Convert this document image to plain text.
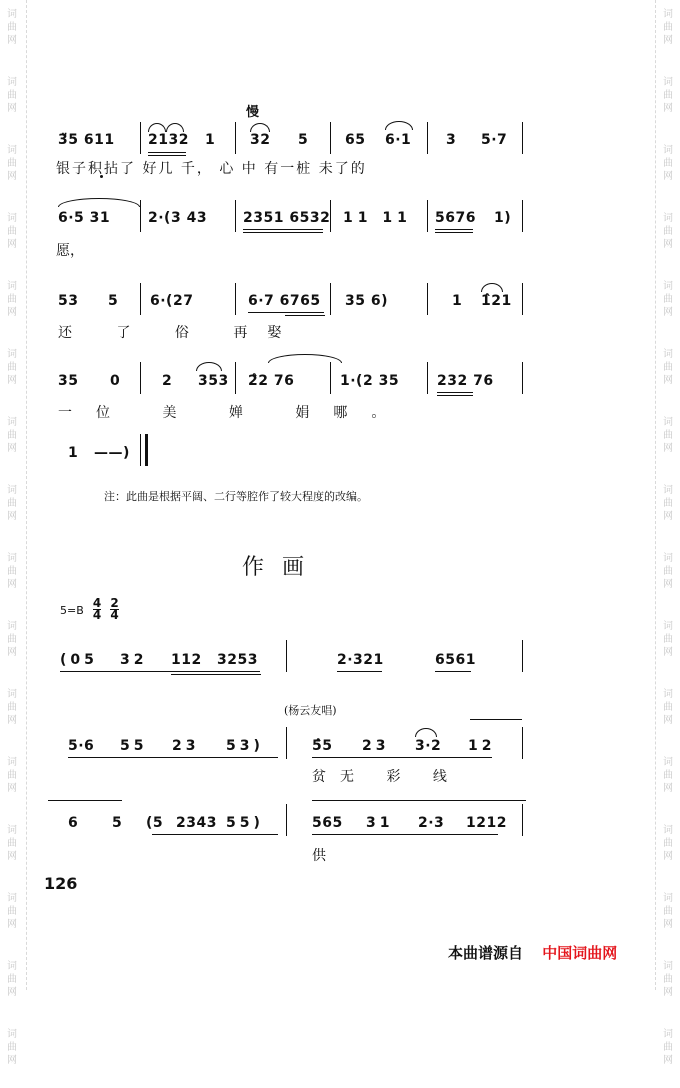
词
曲
网
词
曲
网
词
曲
网
词
曲
网
词
曲
网
词
曲
网
词
曲
网
词
曲
网
词
曲
网
词
曲
网
词
曲
网
词
曲
网
词
曲
网
词
曲
网
词
曲
网
词
曲
网
词
曲
网
词
曲
网
词
曲
网
词
曲
网
词
曲
网
词
曲
网
词
曲
网
词
曲
网
词
曲
网
词
曲
网
词
曲
网
词
曲
网
词
曲
网
词
曲
网
词
曲
网
词
曲
网
慢
3̈5 611 2132 1 32 5	65 6·1 3 5·7
银子积拈了 好几 千， 心 中 有一桩 未了的
6·5 31	2·(3 43	2351 6532 11 11 5676 1)
愿，
53 5 6·(27	6·7 6765 35 6)	1 1̂21
还 了 俗 再娶
35 0	2 353 2̂2 76	1·(2 35	232 76
一位 美 婵 娟哪。
1 ——)
注：此曲是根据平阔、二行等腔作了较大程度的改编。
作画
$5=B \frac{4}{4}$
$\frac{2}{4}$
(05 32 112 3253	2·321	6561
(杨云友唱)
5·6 55 23 53)	5̂5 23 3·2 12
贫无 彩 线
6 5 (5 2343 55)	565 31 2·3 1212
供
126
本曲谱源自 中国词曲网
